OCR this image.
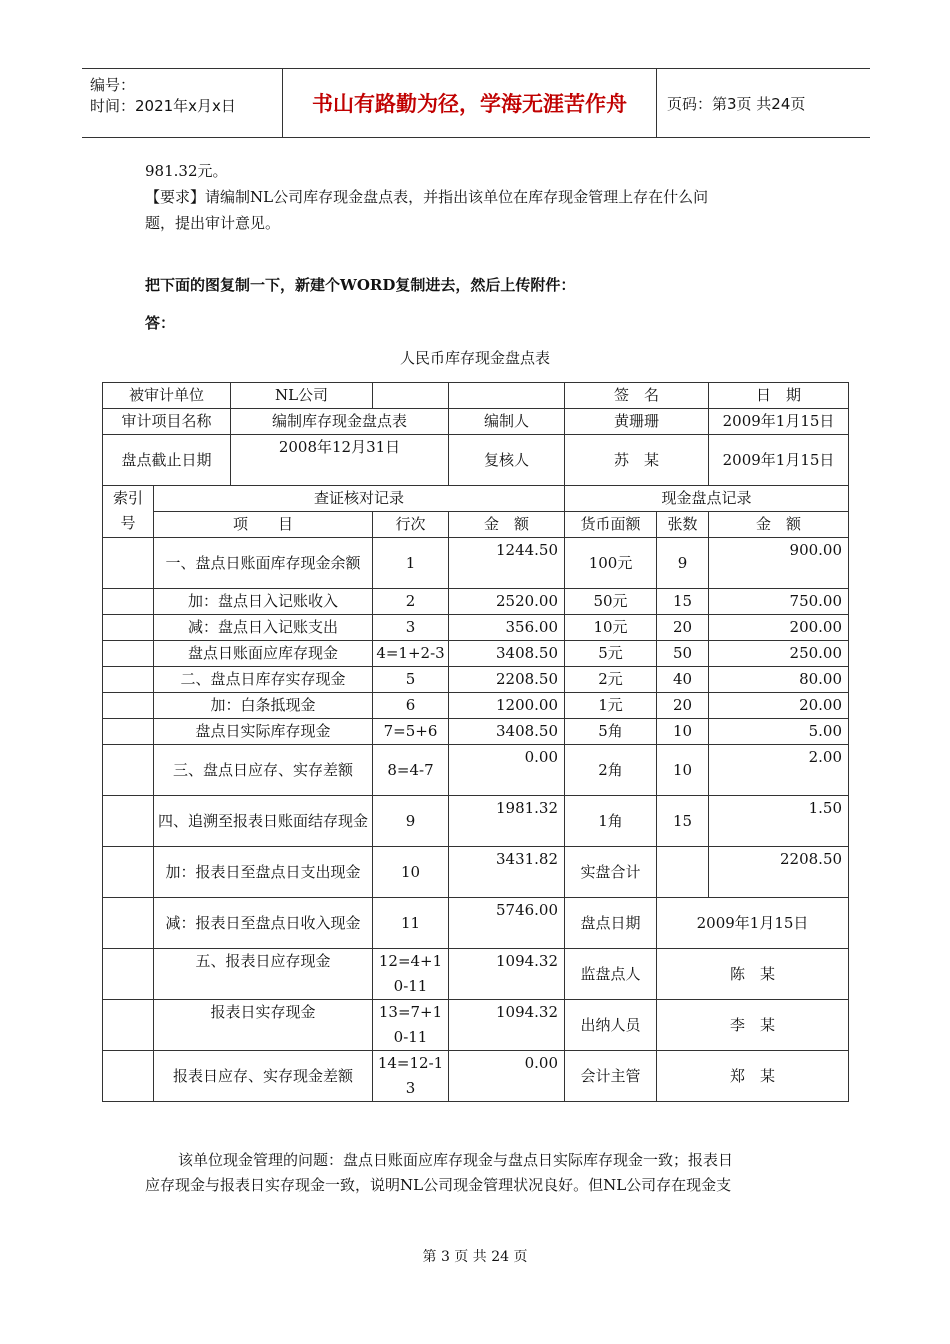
编号：
时间：2021年x月x日	书山有路勤为径，学海无涯苦作舟	页码：第3页 共24页
981.32元。
【要求】请编制NL公司库存现金盘点表，并指出该单位在库存现金管理上存在什么问
题，提出审计意见。
把下面的图复制一下，新建个WORD复制进去，然后上传附件：
答：
人民币库存现金盘点表
被审计单位		NL公司			签　名		日　期
审计项目名称		编制库存现金盘点表		编制人	黄珊珊		2009年1月15日
盘点截止日期		2008年12月31日		复核人	苏　某		2009年1月15日
索引号	查证核对记录				现金盘点记录		
	项　　目		行次	金　额	货币面额	张数	金　额
	一、盘点日账面库存现金余额		1	1244.50	100元	9	900.00
	加：盘点日入记账收入		2	2520.00	50元	15	750.00
	减：盘点日入记账支出		3	356.00	10元	20	200.00
	盘点日账面应库存现金		4=1+2-3	3408.50	5元	50	250.00
	二、盘点日库存实存现金		5	2208.50	2元	40	80.00
	加：白条抵现金		6	1200.00	1元	20	20.00
	盘点日实际库存现金		7=5+6	3408.50	5角	10	5.00
	三、盘点日应存、实存差额		8=4-7	0.00	2角	10	2.00
	四、追溯至报表日账面结存现金		9	1981.32	1角	15	1.50
	加：报表日至盘点日支出现金		10	3431.82	实盘合计		2208.50
	减：报表日至盘点日收入现金		11	5746.00	盘点日期	2009年1月15日	
	五、报表日应存现金		12=4+10-11	1094.32	监盘点人	陈　某	
	报表日实存现金		13=7+10-11	1094.32	出纳人员	李　某	
	报表日应存、实存现金差额		14=12-13	0.00	会计主管	郑　某	
该单位现金管理的问题：盘点日账面应库存现金与盘点日实际库存现金一致；报表日
应存现金与报表日实存现金一致，说明NL公司现金管理状况良好。但NL公司存在现金支
第 3 页 共 24 页
